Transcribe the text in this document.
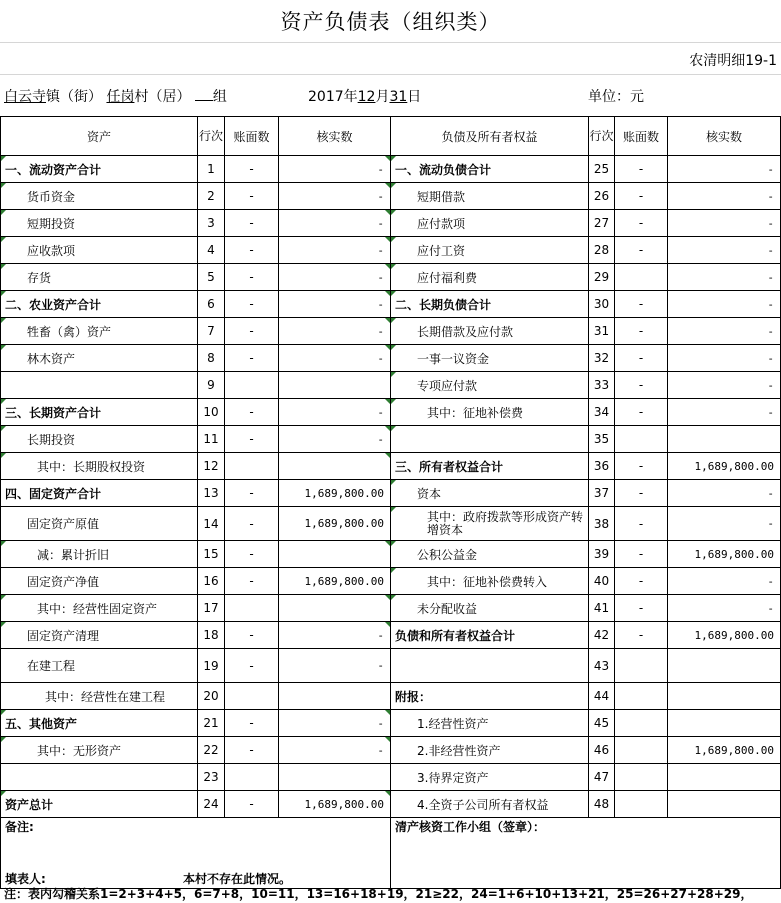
资产负债表（组织类）
农清明细19-1
白云寺镇（街） 任岗村（居） 组	2017年12月31日	单位：元
资产	行次	账面数	核实数	负债及所有者权益	行次	账面数	核实数
一、流动资产合计	1	-	-	一、流动负债合计	25	-	-
货币资金	2	-	-	短期借款	26	-	-
短期投资	3	-	-	应付款项	27	-	-
应收款项	4	-	-	应付工资	28	-	-
存货	5	-	-	应付福利费	29		-
二、农业资产合计	6	-	-	二、长期负债合计	30	-	-
牲畜（禽）资产	7	-	-	长期借款及应付款	31	-	-
林木资产	8	-	-	一事一议资金	32	-	-
	9			专项应付款	33	-	-
三、长期资产合计	10	-	-	其中：征地补偿费	34	-	-
长期投资	11	-	-		35		
其中：长期股权投资	12			三、所有者权益合计	36	-	1,689,800.00
四、固定资产合计	13	-	1,689,800.00	资本	37	-	-
固定资产原值	14	-	1,689,800.00	其中：政府拨款等形成资产转增资本	38	-	-
减：累计折旧	15	-		公积公益金	39	-	1,689,800.00
固定资产净值	16	-	1,689,800.00	其中：征地补偿费转入	40	-	-
其中：经营性固定资产	17			未分配收益	41	-	-
固定资产清理	18	-	-	负债和所有者权益合计	42	-	1,689,800.00
在建工程	19	-	-		43		
其中：经营性在建工程	20			附报：	44		
五、其他资产	21	-	-	1.经营性资产	45		
其中：无形资产	22	-	-	2.非经营性资产	46		1,689,800.00
	23			3.待界定资产	47		
资产总计	24	-	1,689,800.00	4.全资子公司所有者权益	48		
备注:				清产核资工作小组（签章）：			
填表人: 本村不存在此情况。							
注：表内勾稽关系1=2+3+4+5，6=7+8，10=11，13=16+18+19，21≥22，24=1+6+10+13+21，25=26+27+28+29，
